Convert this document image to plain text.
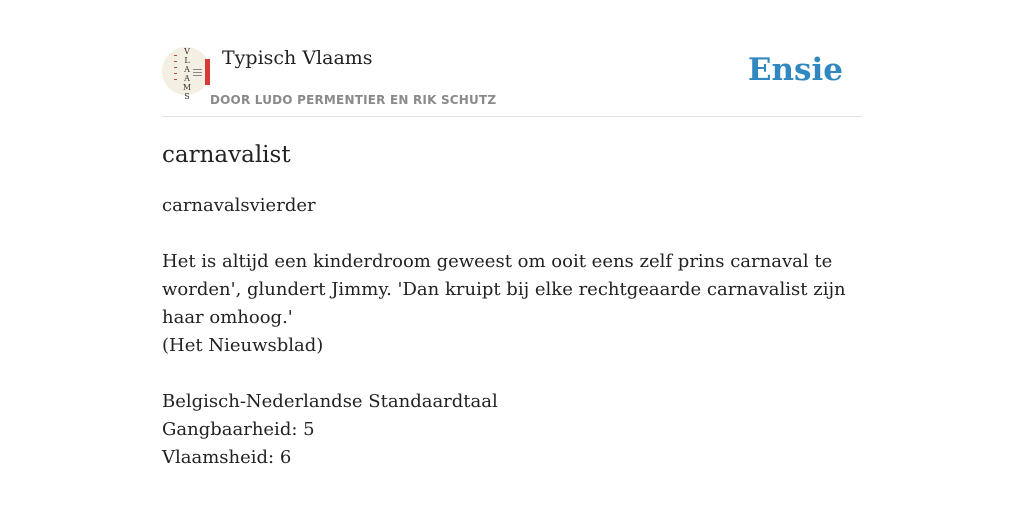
V
L
A
A
M
S
Typisch Vlaams
DOOR LUDO PERMENTIER EN RIK SCHUTZ
Ensie
carnavalist
carnavalsvierder
Het is altijd een kinderdroom geweest om ooit eens zelf prins carnaval te worden', glundert Jimmy. 'Dan kruipt bij elke rechtgeaarde carnavalist zijn haar omhoog.'
(Het Nieuwsblad)
Belgisch-Nederlandse Standaardtaal
Gangbaarheid: 5
Vlaamsheid: 6
